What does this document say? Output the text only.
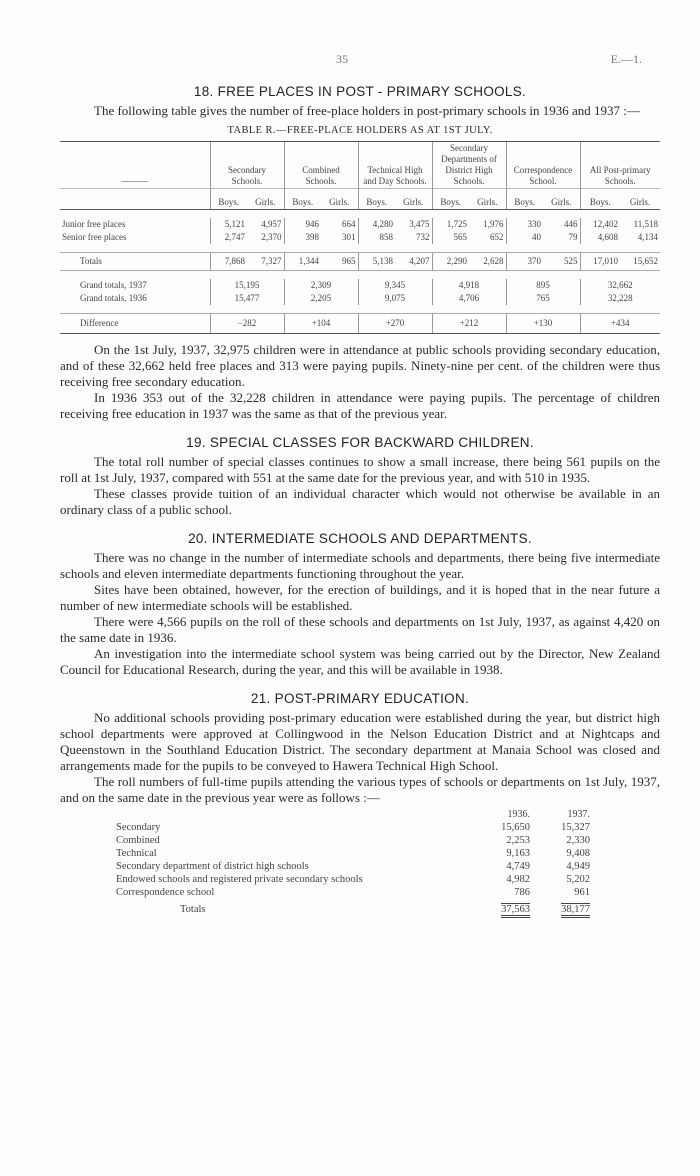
35	E.—1.
18. FREE PLACES IN POST - PRIMARY SCHOOLS.

The following table gives the number of free-place holders in post-primary schools in 1936 and 1937 :—

TABLE R.—FREE-PLACE HOLDERS AS AT 1ST JULY.
———	Secondary Schools.		Combined Schools.		Technical High and Day Schools.		Secondary Departments of District High Schools.		Correspondence School.		All Post-primary Schools.	
	Boys.	Girls.	Boys.	Girls.	Boys.	Girls.	Boys.	Girls.	Boys.	Girls.	Boys.	Girls.

Junior free places	5,121	4,957	946	664	4,280	3,475	1,725	1,976	330	446	12,402	11,518
Senior free places	2,747	2,370	398	301	858	732	565	652	40	79	4,608	4,134

Totals	7,868	7,327	1,344	965	5,138	4,207	2,290	2,628	370	525	17,010	15,652

Grand totals, 1937	15,195		2,309		9,345		4,918		895		32,662	
Grand totals, 1936	15,477		2,205		9,075		4,706		765		32,228	

Difference	−282		+104		+270		+212		+130		+434	

On the 1st July, 1937, 32,975 children were in attendance at public schools providing secondary education, and of these 32,662 held free places and 313 were paying pupils. Ninety-nine per cent. of the children were thus receiving free secondary education.

In 1936 353 out of the 32,228 children in attendance were paying pupils. The percentage of children receiving free education in 1937 was the same as that of the previous year.

19. SPECIAL CLASSES FOR BACKWARD CHILDREN.

The total roll number of special classes continues to show a small increase, there being 561 pupils on the roll at 1st July, 1937, compared with 551 at the same date for the previous year, and with 510 in 1935.

These classes provide tuition of an individual character which would not otherwise be available in an ordinary class of a public school.

20. INTERMEDIATE SCHOOLS AND DEPARTMENTS.

There was no change in the number of intermediate schools and departments, there being five intermediate schools and eleven intermediate departments functioning throughout the year.

Sites have been obtained, however, for the erection of buildings, and it is hoped that in the near future a number of new intermediate schools will be established.

There were 4,566 pupils on the roll of these schools and departments on 1st July, 1937, as against 4,420 on the same date in 1936.

An investigation into the intermediate school system was being carried out by the Director, New Zealand Council for Educational Research, during the year, and this will be available in 1938.

21. POST-PRIMARY EDUCATION.

No additional schools providing post-primary education were established during the year, but district high school departments were approved at Collingwood in the Nelson Education District and at Nightcaps and Queenstown in the Southland Education District. The secondary department at Manaia School was closed and arrangements made for the pupils to be conveyed to Hawera Technical High School.

The roll numbers of full-time pupils attending the various types of schools or departments on 1st July, 1937, and on the same date in the previous year were as follows :—

1936.	1937.
Secondary	15,650	15,327
Combined	2,253	2,330
Technical	9,163	9,408
Secondary department of district high schools	4,749	4,949
Endowed schools and registered private secondary schools	4,982	5,202
Correspondence school	786	961
Totals	37,563	38,177
